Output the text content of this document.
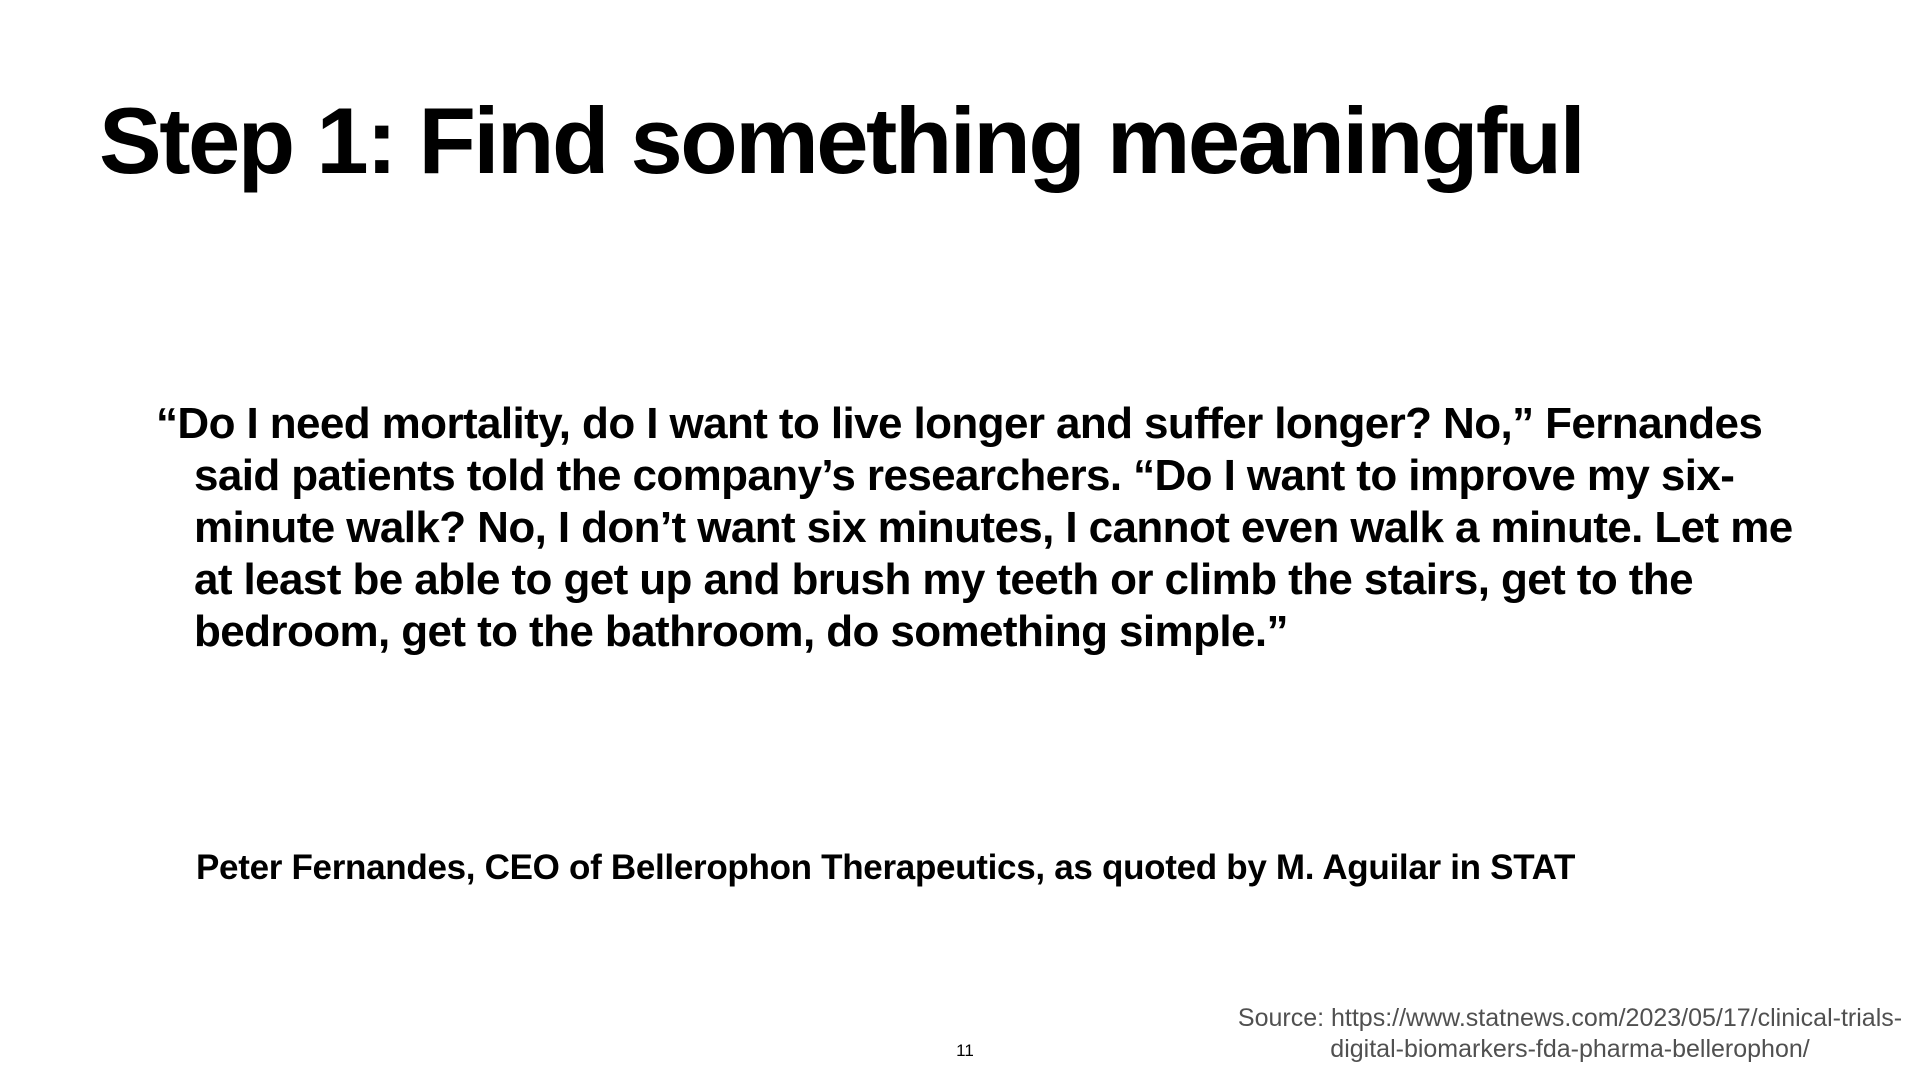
Step 1: Find something meaningful

“Do I need mortality, do I want to live longer and suffer longer? No,” Fernandes said patients told the company’s researchers. “Do I want to improve my six-minute walk? No, I don’t want six minutes, I cannot even walk a minute. Let me at least be able to get up and brush my teeth or climb the stairs, get to the bedroom, get to the bathroom, do something simple.”

Peter Fernandes, CEO of Bellerophon Therapeutics, as quoted by M. Aguilar in STAT

Source: https://www.statnews.com/2023/05/17/clinical-trials-digital-biomarkers-fda-pharma-bellerophon/

11
